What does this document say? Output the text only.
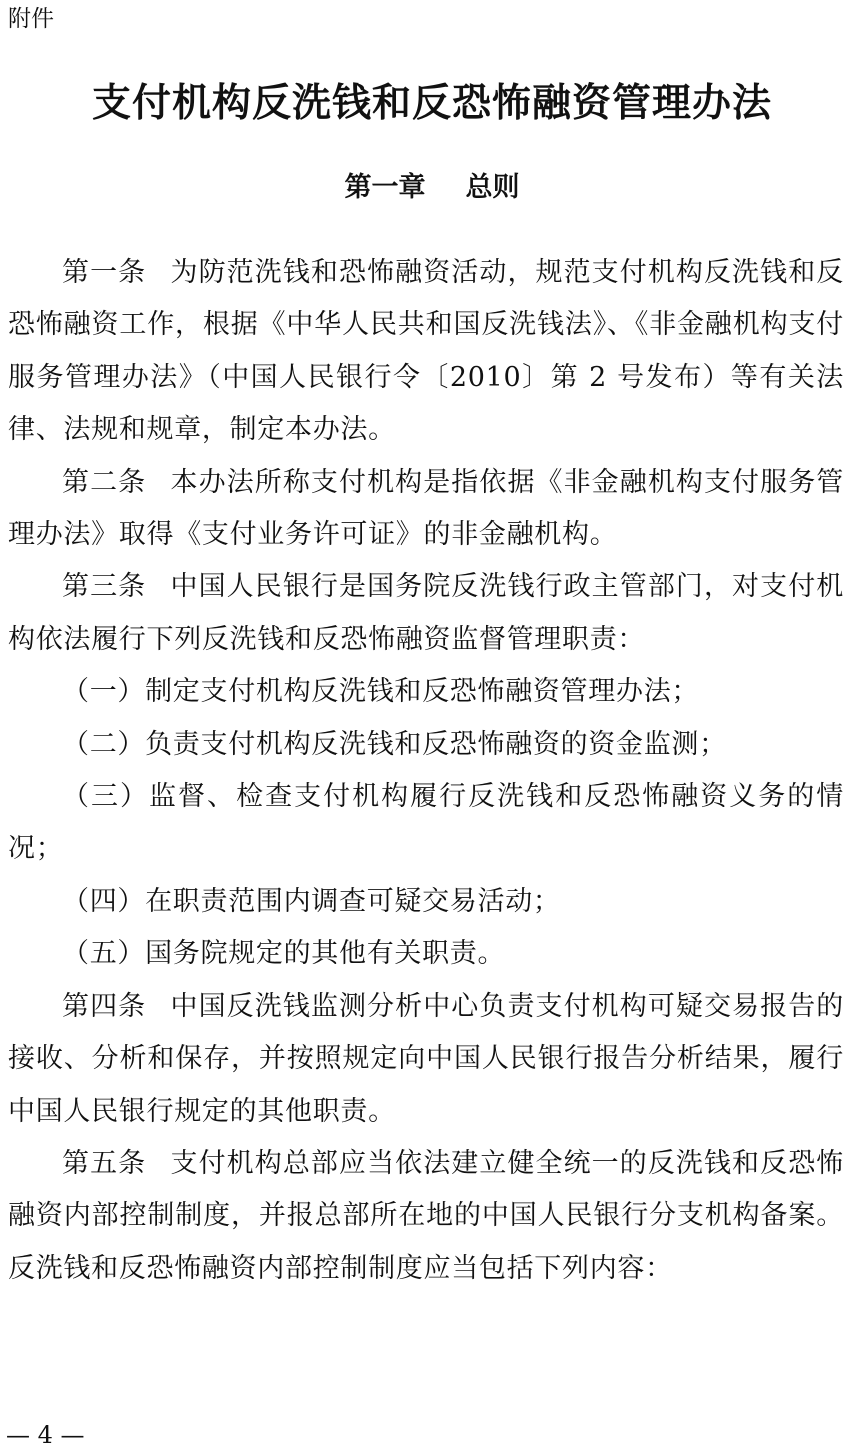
附件
支付机构反洗钱和反恐怖融资管理办法
第一章 总则

第一条 为防范洗钱和恐怖融资活动，规范支付机构反洗钱和反恐怖融资工作，根据《中华人民共和国反洗钱法》、《非金融机构支付服务管理办法》（中国人民银行令〔2010〕第 2 号发布）等有关法律、法规和规章，制定本办法。

第二条 本办法所称支付机构是指依据《非金融机构支付服务管理办法》取得《支付业务许可证》的非金融机构。

第三条 中国人民银行是国务院反洗钱行政主管部门，对支付机构依法履行下列反洗钱和反恐怖融资监督管理职责：

（一）制定支付机构反洗钱和反恐怖融资管理办法；

（二）负责支付机构反洗钱和反恐怖融资的资金监测；

（三）监督、检查支付机构履行反洗钱和反恐怖融资义务的情况；

（四）在职责范围内调查可疑交易活动；

（五）国务院规定的其他有关职责。

第四条 中国反洗钱监测分析中心负责支付机构可疑交易报告的接收、分析和保存，并按照规定向中国人民银行报告分析结果，履行中国人民银行规定的其他职责。

第五条 支付机构总部应当依法建立健全统一的反洗钱和反恐怖融资内部控制制度，并报总部所在地的中国人民银行分支机构备案。反洗钱和反恐怖融资内部控制制度应当包括下列内容：

— 4 —
